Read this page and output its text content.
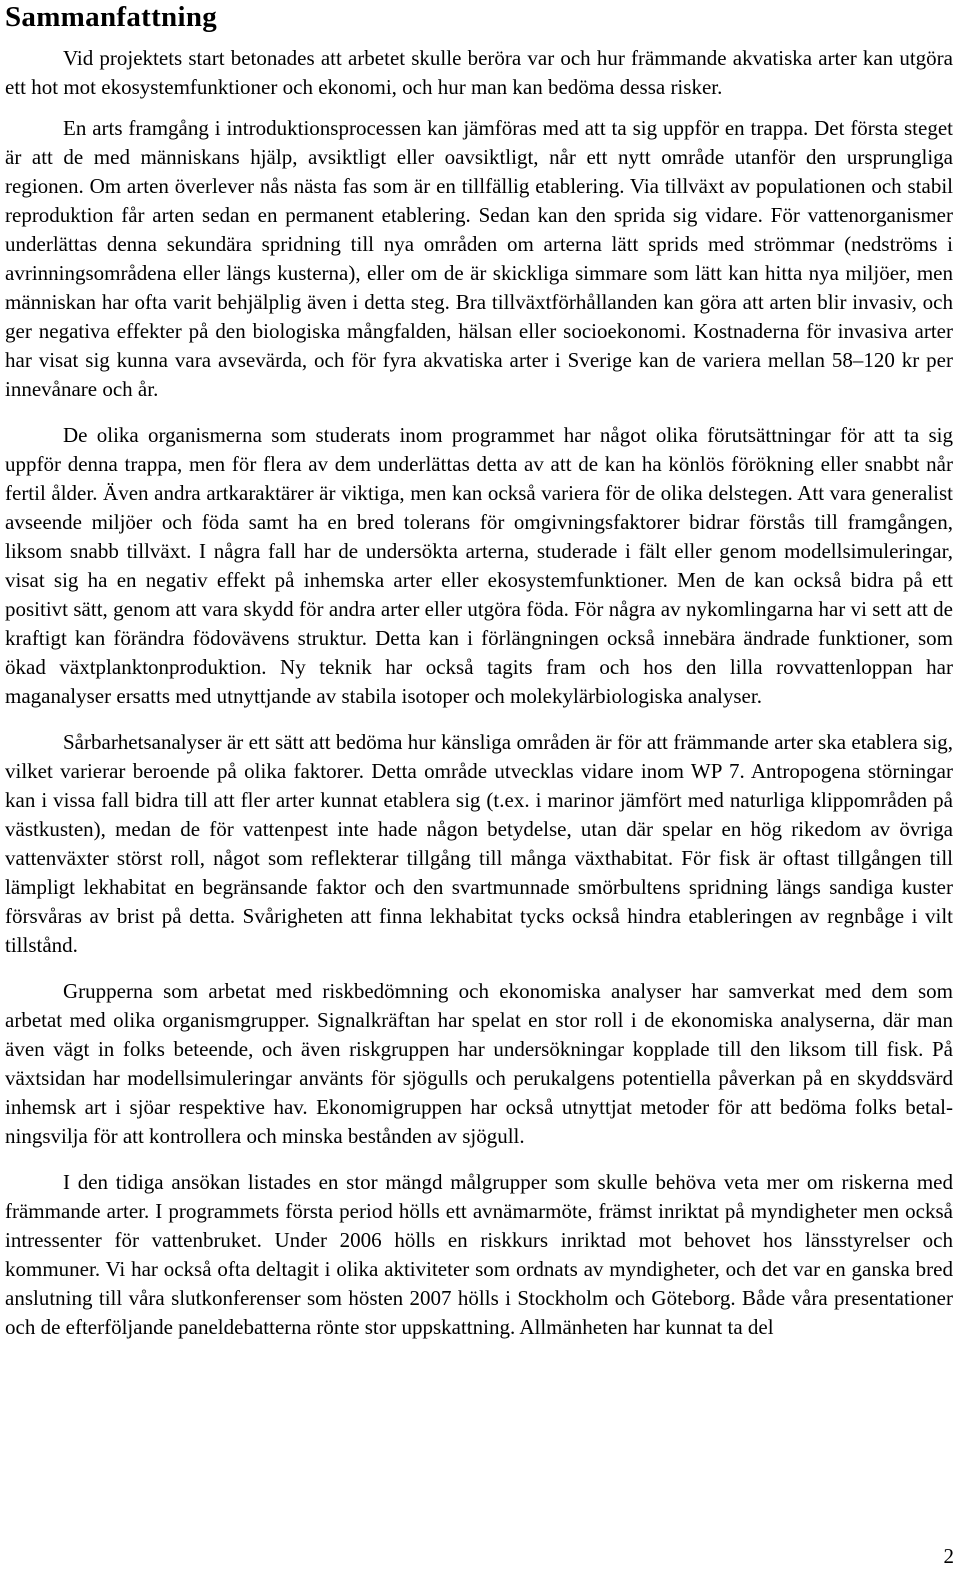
Sammanfattning

Vid projektets start betonades att arbetet skulle beröra var och hur främmande akvatiska arter kan utgöra ett hot mot ekosystemfunktioner och ekonomi, och hur man kan bedöma dessa risker.

En arts framgång i introduktionsprocessen kan jämföras med att ta sig uppför en trappa. Det första steget är att de med människans hjälp, avsiktligt eller oavsiktligt, når ett nytt område utanför den ursprungliga regionen. Om arten överlever nås nästa fas som är en tillfällig etablering. Via tillväxt av populationen och stabil reproduktion får arten sedan en permanent etablering. Sedan kan den sprida sig vidare. För vattenorganismer underlättas denna sekundära spridning till nya områden om arterna lätt sprids med strömmar (nedströms i avrinningsområdena eller längs kusterna), eller om de är skickliga simmare som lätt kan hitta nya miljöer, men människan har ofta varit behjälplig även i detta steg. Bra tillväxtförhållanden kan göra att arten blir invasiv, och ger negativa effekter på den biologiska mångfalden, hälsan eller socioekonomi. Kostnaderna för invasiva arter har visat sig kunna vara avsevärda, och för fyra akvatiska arter i Sverige kan de variera mellan 58–120 kr per innevånare och år.

De olika organismerna som studerats inom programmet har något olika förutsättningar för att ta sig uppför denna trappa, men för flera av dem underlättas detta av att de kan ha könlös förökning eller snabbt når fertil ålder. Även andra artkaraktärer är viktiga, men kan också variera för de olika delstegen. Att vara generalist avseende miljöer och föda samt ha en bred tolerans för omgivningsfaktorer bidrar förstås till framgången, liksom snabb tillväxt. I några fall har de undersökta arterna, studerade i fält eller genom modellsimuleringar, visat sig ha en negativ effekt på inhemska arter eller ekosystemfunktioner. Men de kan också bidra på ett positivt sätt, genom att vara skydd för andra arter eller utgöra föda. För några av nykomlingarna har vi sett att de kraftigt kan förändra födovävens struktur. Detta kan i förlängningen också innebära ändrade funktioner, som ökad växtplanktonproduktion. Ny teknik har också tagits fram och hos den lilla rovvattenloppan har maganalyser ersatts med utnyttjande av stabila isotoper och molekylärbiologiska analyser.

Sårbarhetsanalyser är ett sätt att bedöma hur känsliga områden är för att främmande arter ska etablera sig, vilket varierar beroende på olika faktorer. Detta område utvecklas vidare inom WP 7. Antropogena störningar kan i vissa fall bidra till att fler arter kunnat etablera sig (t.ex. i marinor jämfört med naturliga klippområden på västkusten), medan de för vattenpest inte hade någon betydelse, utan där spelar en hög rikedom av övriga vattenväxter störst roll, något som reflekterar tillgång till många växthabitat. För fisk är oftast tillgången till lämpligt lekhabitat en begränsande faktor och den svartmunnade smörbultens spridning längs sandiga kuster försvåras av brist på detta. Svårigheten att finna lekhabitat tycks också hindra etableringen av regnbåge i vilt tillstånd.

Grupperna som arbetat med riskbedömning och ekonomiska analyser har samverkat med dem som arbetat med olika organismgrupper. Signalkräftan har spelat en stor roll i de ekonomiska analyserna, där man även vägt in folks beteende, och även riskgruppen har undersökningar kopplade till den liksom till fisk. På växtsidan har modellsimuleringar använts för sjögulls och perukalgens potentiella påverkan på en skyddsvärd inhemsk art i sjöar respektive hav. Ekonomigruppen har också utnyttjat metoder för att bedöma folks betalningsvilja för att kontrollera och minska bestånden av sjögull.

I den tidiga ansökan listades en stor mängd målgrupper som skulle behöva veta mer om riskerna med främmande arter. I programmets första period hölls ett avnämarmöte, främst inriktat på myndigheter men också intressenter för vattenbruket. Under 2006 hölls en riskkurs inriktad mot behovet hos länsstyrelser och kommuner. Vi har också ofta deltagit i olika aktiviteter som ordnats av myndigheter, och det var en ganska bred anslutning till våra slutkonferenser som hösten 2007 hölls i Stockholm och Göteborg. Både våra presentationer och de efterföljande paneldebatterna rönte stor uppskattning. Allmänheten har kunnat ta del

2
